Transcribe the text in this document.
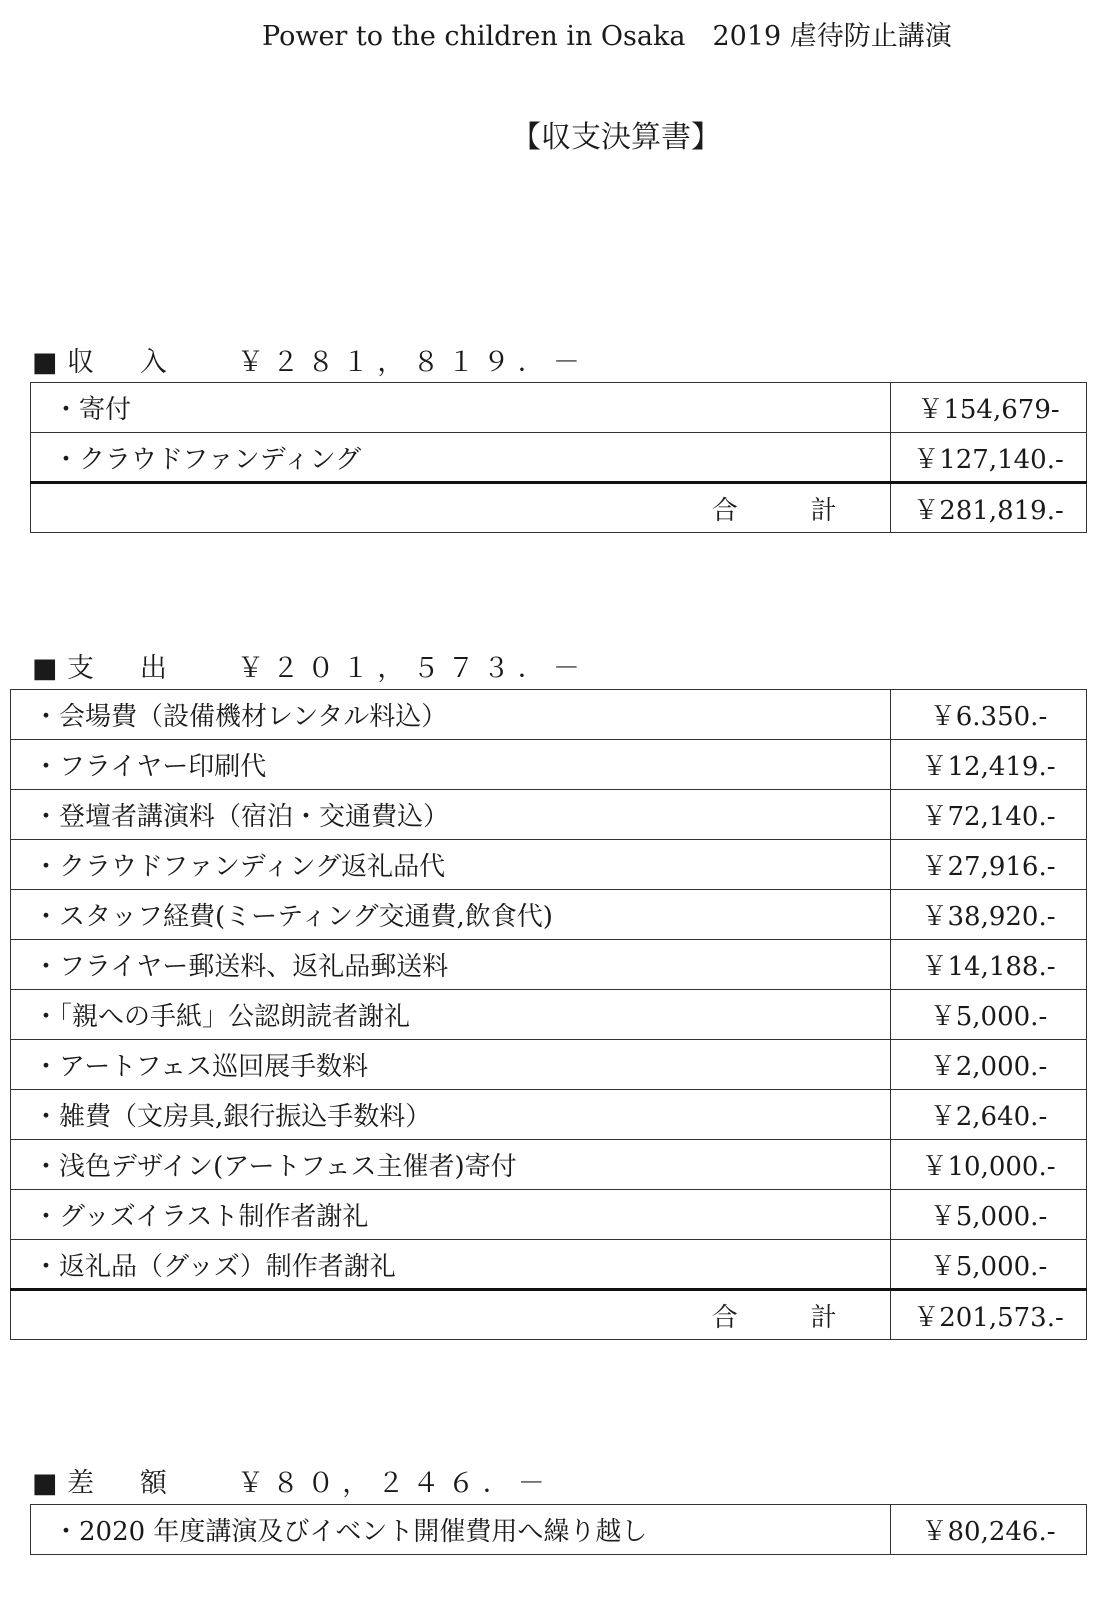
Power to the children in Osaka　2019 虐待防止講演
【収支決算書】
■収　入 ￥２８１，８１９．－
・寄付	￥154,679-
・クラウドファンディング	￥127,140.-
合　計	￥281,819.-
■支　出 ￥２０１，５７３．－
・会場費（設備機材レンタル料込）	￥6.350.-
・フライヤー印刷代	￥12,419.-
・登壇者講演料（宿泊・交通費込）	￥72,140.-
・クラウドファンディング返礼品代	￥27,916.-
・スタッフ経費(ミーティング交通費,飲食代)	￥38,920.-
・フライヤー郵送料、返礼品郵送料	￥14,188.-
・「親への手紙」公認朗読者謝礼	￥5,000.-
・アートフェス巡回展手数料	￥2,000.-
・雑費（文房具,銀行振込手数料）	￥2,640.-
・浅色デザイン(アートフェス主催者)寄付	￥10,000.-
・グッズイラスト制作者謝礼	￥5,000.-
・返礼品（グッズ）制作者謝礼	￥5,000.-
合　計	￥201,573.-
■差　額 ￥８０，２４６．－
・2020 年度講演及びイベント開催費用へ繰り越し	￥80,246.-
